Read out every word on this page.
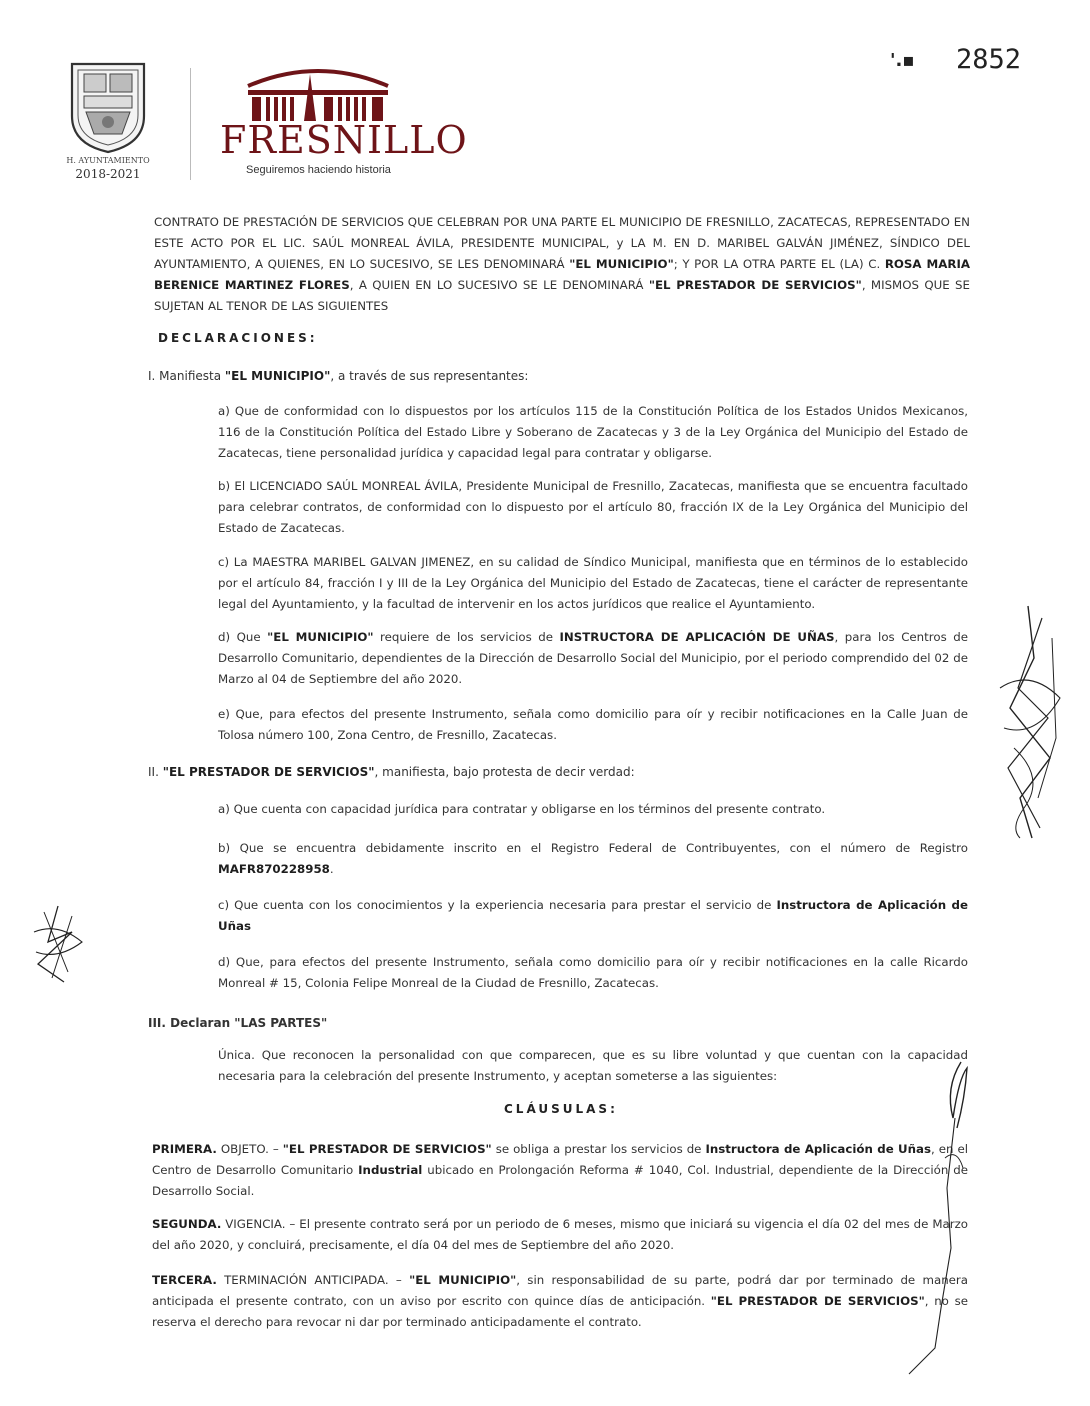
H. AYUNTAMIENTO
2018-2021
FRESNILLO
Seguiremos haciendo historia
'.▪ 2852
CONTRATO DE PRESTACIÓN DE SERVICIOS QUE CELEBRAN POR UNA PARTE EL MUNICIPIO DE FRESNILLO, ZACATECAS, REPRESENTADO EN ESTE ACTO POR EL LIC. SAÚL MONREAL ÁVILA, PRESIDENTE MUNICIPAL, y LA M. EN D. MARIBEL GALVÁN JIMÉNEZ, SÍNDICO DEL AYUNTAMIENTO, A QUIENES, EN LO SUCESIVO, SE LES DENOMINARÁ "EL MUNICIPIO"; Y POR LA OTRA PARTE EL (LA) C. ROSA MARIA BERENICE MARTINEZ FLORES, A QUIEN EN LO SUCESIVO SE LE DENOMINARÁ "EL PRESTADOR DE SERVICIOS", MISMOS QUE SE SUJETAN AL TENOR DE LAS SIGUIENTES
DECLARACIONES:
I. Manifiesta "EL MUNICIPIO", a través de sus representantes:
a) Que de conformidad con lo dispuestos por los artículos 115 de la Constitución Política de los Estados Unidos Mexicanos, 116 de la Constitución Política del Estado Libre y Soberano de Zacatecas y 3 de la Ley Orgánica del Municipio del Estado de Zacatecas, tiene personalidad jurídica y capacidad legal para contratar y obligarse.
b) El LICENCIADO SAÚL MONREAL ÁVILA, Presidente Municipal de Fresnillo, Zacatecas, manifiesta que se encuentra facultado para celebrar contratos, de conformidad con lo dispuesto por el artículo 80, fracción IX de la Ley Orgánica del Municipio del Estado de Zacatecas.
c) La MAESTRA MARIBEL GALVAN JIMENEZ, en su calidad de Síndico Municipal, manifiesta que en términos de lo establecido por el artículo 84, fracción I y III de la Ley Orgánica del Municipio del Estado de Zacatecas, tiene el carácter de representante legal del Ayuntamiento, y la facultad de intervenir en los actos jurídicos que realice el Ayuntamiento.
d) Que "EL MUNICIPIO" requiere de los servicios de INSTRUCTORA DE APLICACIÓN DE UÑAS, para los Centros de Desarrollo Comunitario, dependientes de la Dirección de Desarrollo Social del Municipio, por el periodo comprendido del 02 de Marzo al 04 de Septiembre del año 2020.
e) Que, para efectos del presente Instrumento, señala como domicilio para oír y recibir notificaciones en la Calle Juan de Tolosa número 100, Zona Centro, de Fresnillo, Zacatecas.
II. "EL PRESTADOR DE SERVICIOS", manifiesta, bajo protesta de decir verdad:
a) Que cuenta con capacidad jurídica para contratar y obligarse en los términos del presente contrato.
b) Que se encuentra debidamente inscrito en el Registro Federal de Contribuyentes, con el número de Registro MAFR870228958.
c) Que cuenta con los conocimientos y la experiencia necesaria para prestar el servicio de Instructora de Aplicación de Uñas
d) Que, para efectos del presente Instrumento, señala como domicilio para oír y recibir notificaciones en la calle Ricardo Monreal # 15, Colonia Felipe Monreal de la Ciudad de Fresnillo, Zacatecas.
III. Declaran "LAS PARTES"
Única. Que reconocen la personalidad con que comparecen, que es su libre voluntad y que cuentan con la capacidad necesaria para la celebración del presente Instrumento, y aceptan someterse a las siguientes:
CLÁUSULAS:
PRIMERA. OBJETO. – "EL PRESTADOR DE SERVICIOS" se obliga a prestar los servicios de Instructora de Aplicación de Uñas, en el Centro de Desarrollo Comunitario Industrial ubicado en Prolongación Reforma # 1040, Col. Industrial, dependiente de la Dirección de Desarrollo Social.
SEGUNDA. VIGENCIA. – El presente contrato será por un periodo de 6 meses, mismo que iniciará su vigencia el día 02 del mes de Marzo del año 2020, y concluirá, precisamente, el día 04 del mes de Septiembre del año 2020.
TERCERA. TERMINACIÓN ANTICIPADA. – "EL MUNICIPIO", sin responsabilidad de su parte, podrá dar por terminado de manera anticipada el presente contrato, con un aviso por escrito con quince días de anticipación. "EL PRESTADOR DE SERVICIOS", no se reserva el derecho para revocar ni dar por terminado anticipadamente el contrato.
